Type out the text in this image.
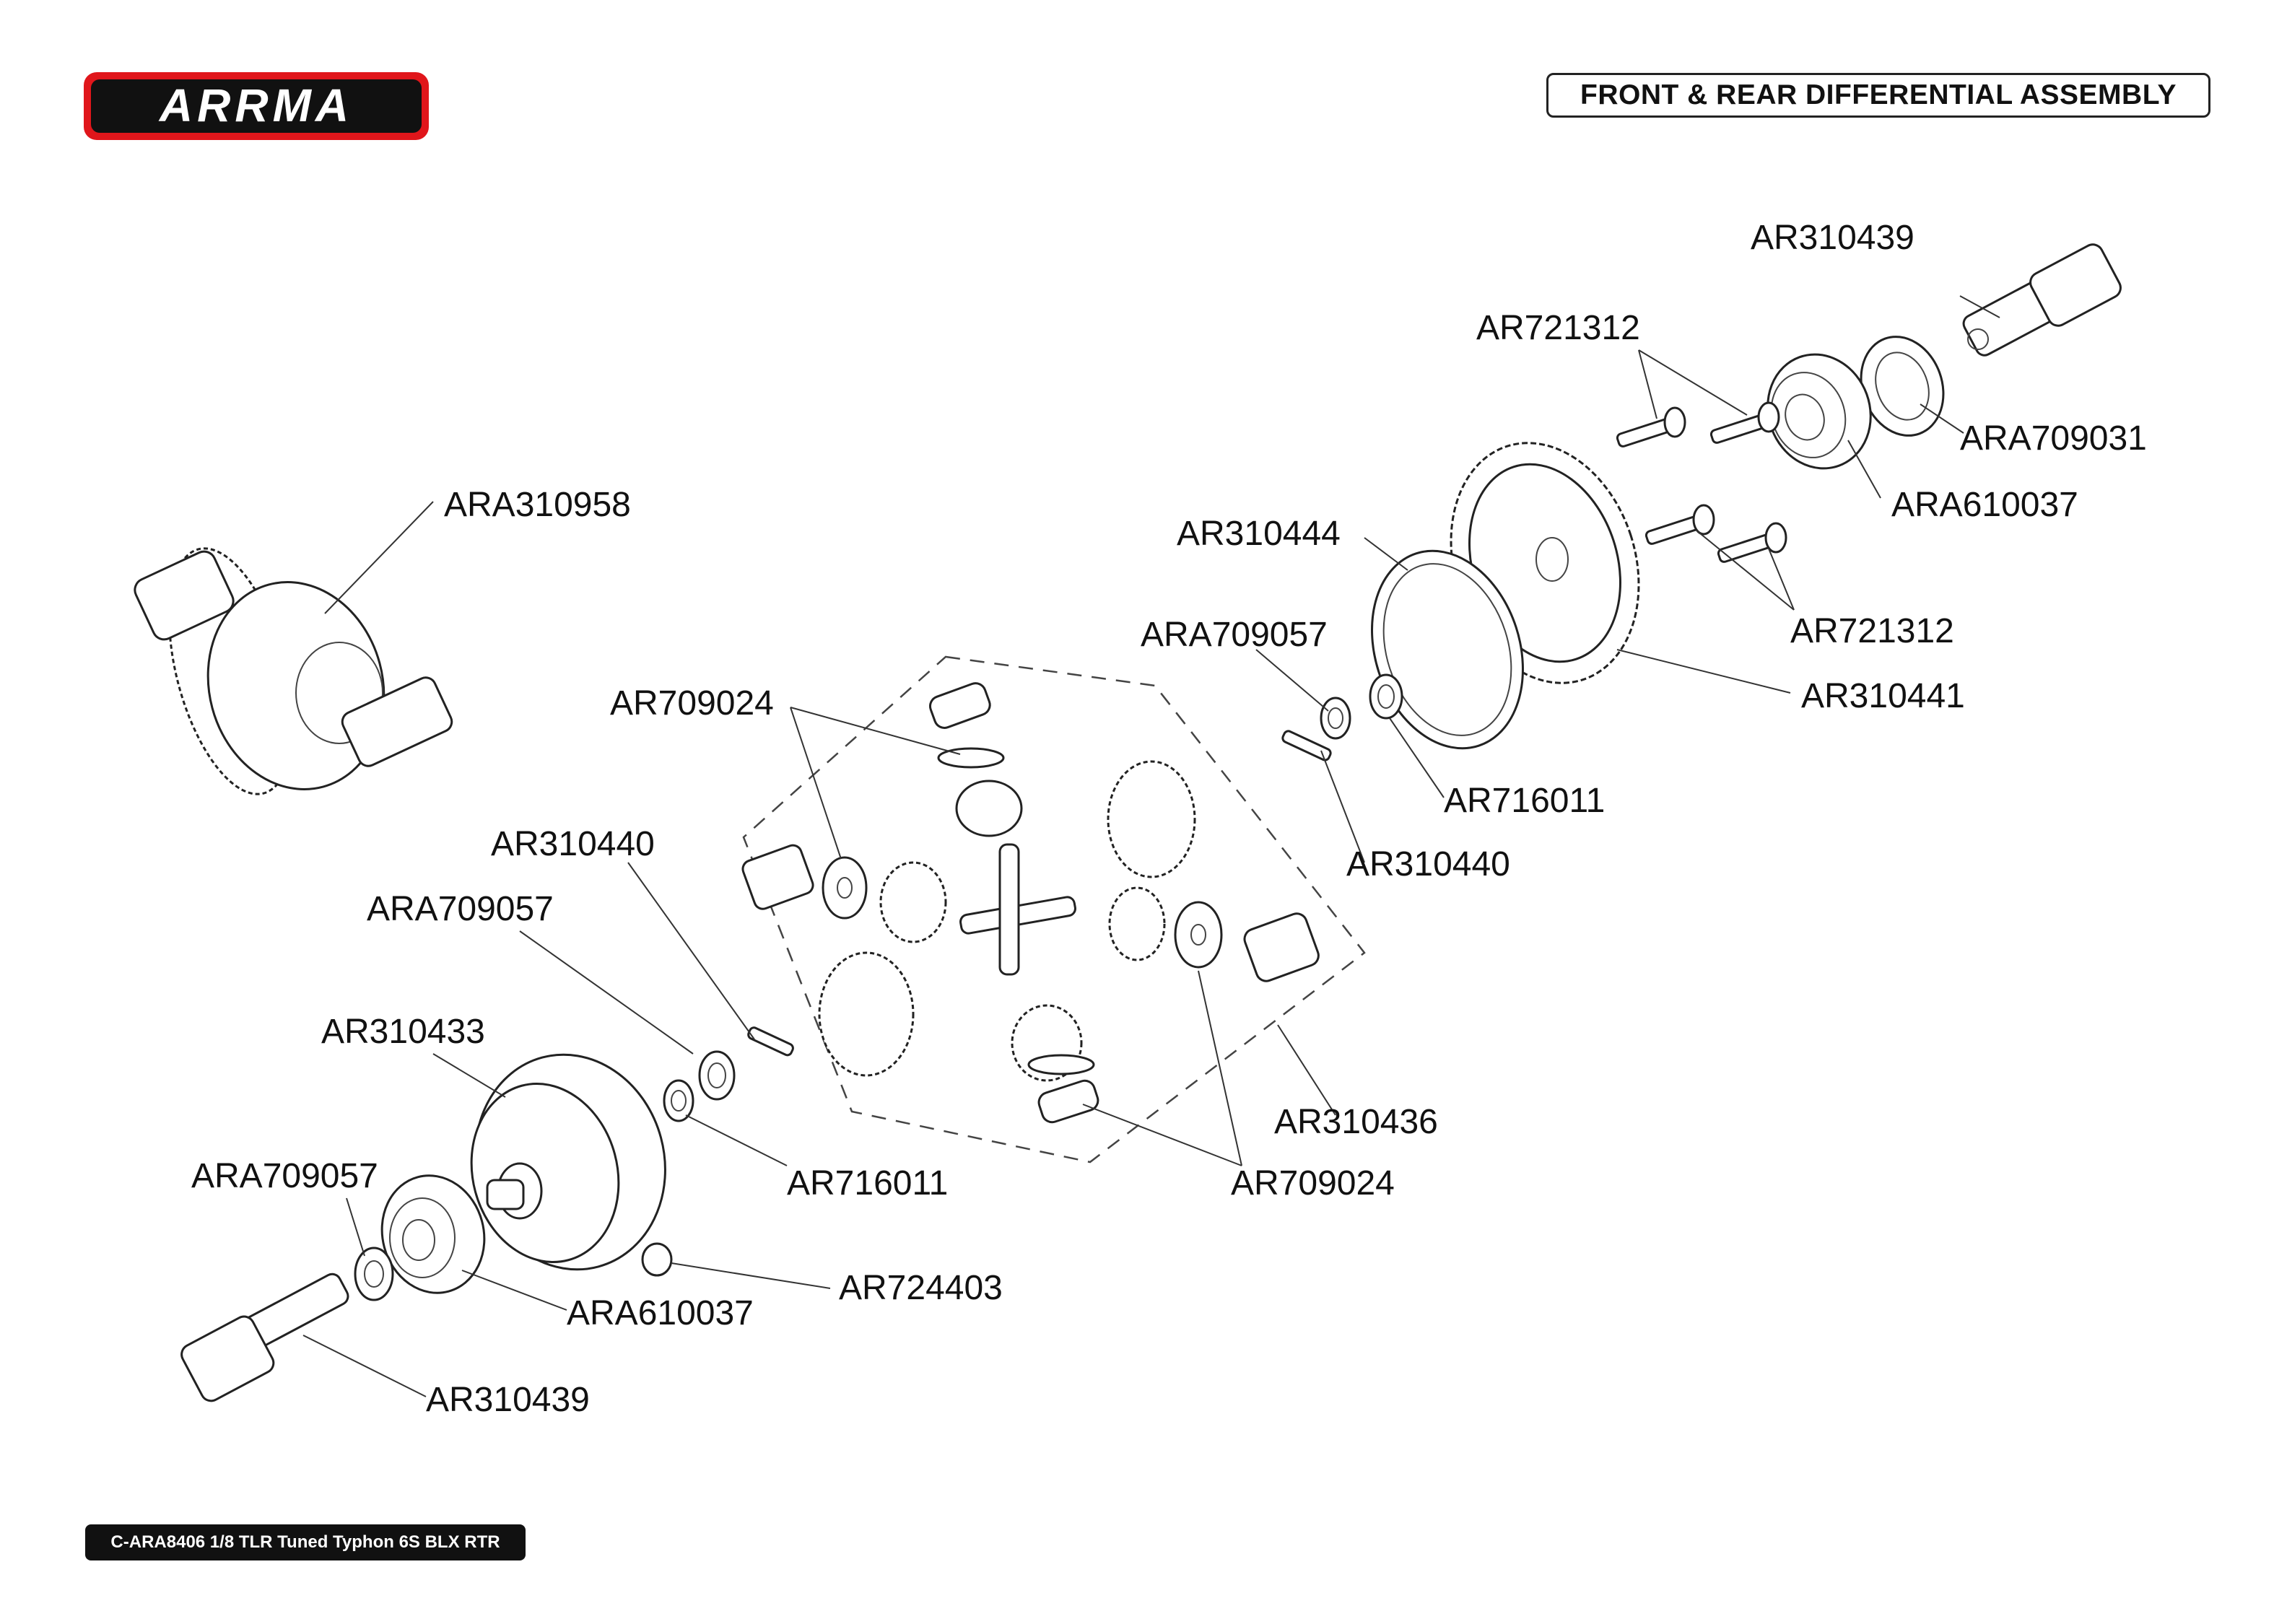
ARRMA	FRONT & REAR DIFFERENTIAL ASSEMBLY
AR310439
AR721312
ARA709031
ARA610037
ARA310958
AR310444
ARA709057	AR721312
AR310441
AR709024
AR716011
AR310440
AR310440
ARA709057
AR310433
AR310436
ARA709057	AR716011	AR709024
AR724403
ARA610037
AR310439
C-ARA8406 1/8 TLR Tuned Typhon 6S BLX RTR
